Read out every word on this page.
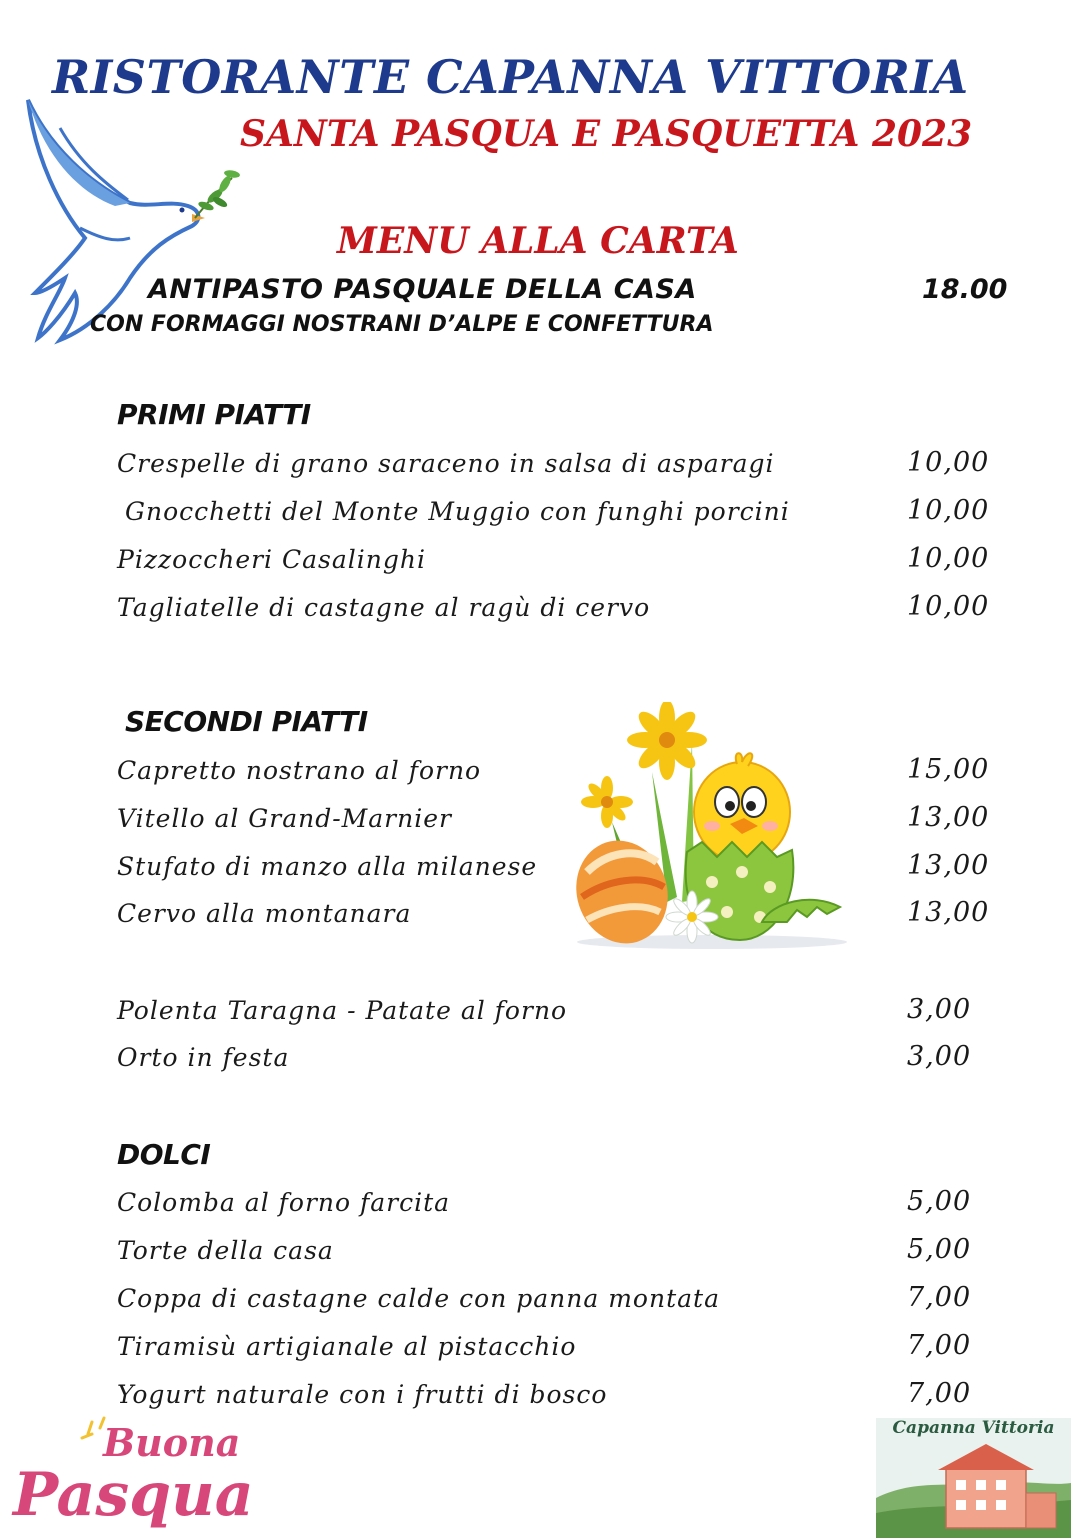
RISTORANTE CAPANNA VITTORIA
SANTA PASQUA E PASQUETTA 2023
MENU ALLA CARTA
ANTIPASTO PASQUALE DELLA CASA	18.00
CON FORMAGGI NOSTRANI D’ALPE E CONFETTURA
PRIMI PIATTI
Crespelle di grano saraceno in salsa di asparagi	10,00
Gnocchetti del Monte Muggio con funghi porcini	10,00
Pizzoccheri Casalinghi	10,00
Tagliatelle di castagne al ragù di cervo	10,00
SECONDI PIATTI
Capretto nostrano al forno	15,00
Vitello al Grand-Marnier	13,00
Stufato di manzo alla milanese	13,00
Cervo alla montanara	13,00
Polenta Taragna - Patate al forno	3,00
Orto in festa	3,00
DOLCI
Colomba al forno farcita	5,00
Torte della casa	5,00
Coppa di castagne calde con panna montata	7,00
Tiramisù artigianale al pistacchio	7,00
Yogurt naturale con i frutti di bosco	7,00
Buona
Pasqua
Capanna Vittoria
